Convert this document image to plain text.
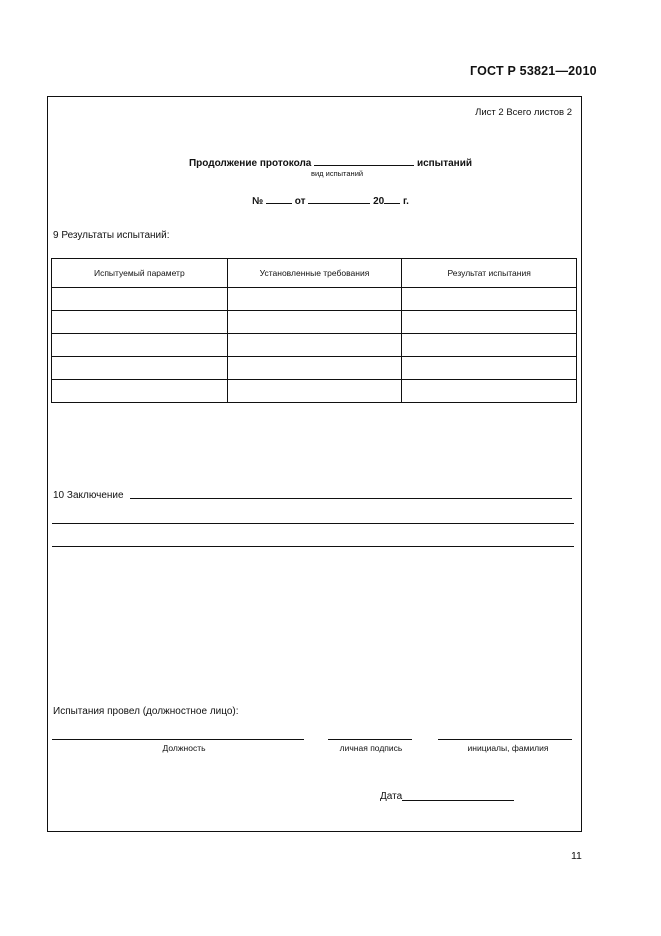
ГОСТ Р 53821—2010
Лист 2 Всего листов 2
Продолжение протокола	испытаний
вид испытаний
№	от	20 г.
9 Результаты испытаний:
Испытуемый параметр	Установленные требования	Результат испытания

10 Заключение
Испытания провел (должностное лицо):
Должность	личная подпись	инициалы, фамилия
Дата
11
